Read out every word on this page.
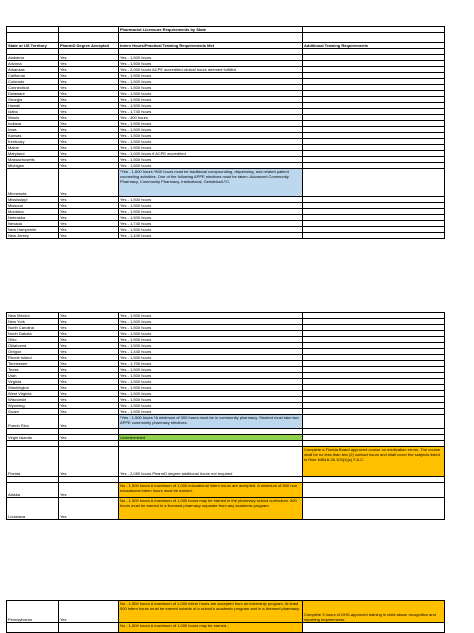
		Pharmacist Licensure Requirements by State	

State or US Territory	PharmD Degree Accepted	Intern Hours/Practical Training Requirements Met	Additional Training Requirements

Alabama	Yes	Yes - 1,500 hours	
Arizona	Yes	Yes - 1,500 hours	
Arkansas	Yes	Yes - 2,000 hours ACPE accredited clinical hours deemed fulfilled	
California	Yes	Yes - 1,500 hours	
Colorado	Yes	Yes - 1,500 hours	
Connecticut	Yes	Yes - 1,500 hours	
Delaware	Yes	Yes - 1,500 hours	
Georgia	Yes	Yes - 1,500 hours	
Hawaii	Yes	Yes - 1,500 hours	
Idaho	Yes	Yes - 1,740 hours	
Illinois	Yes	Yes - 400 hours	
Indiana	Yes	Yes - 1,500 hours	
Iowa	Yes	Yes - 1,500 hours	
Kansas	Yes	Yes - 1,500 hours	
Kentucky	Yes	Yes - 1,500 hours	
Maine	Yes	Yes - 1,500 hours	
Maryland	Yes	Yes - 1,000 hours if ACPE accredited	
Massachusetts	Yes	Yes - 1,500 hours	
Michigan	Yes	Yes - 1,600 hours	
Minnesota	Yes	*Yes - 1,600 hours *800 hours must be traditional compounding, dispensing, and related patient counseling activities. One of the following APPE electives must be taken: Advanced Community Pharmacy, Community Pharmacy, Institutional, Geriatrics/LTC.	
Mississippi	Yes	Yes - 1,500 hours	
Missouri	Yes	Yes - 1,500 hours	
Montana	Yes	Yes - 1,500 hours	
Nebraska	Yes	Yes - 1,500 hours	
Nevada	Yes	Yes - 1,740 hours	
New Hampshire	Yes	Yes - 1,500 hours	
New Jersey	Yes	Yes - 1,440 hours	
New Mexico	Yes	Yes - 1,500 hours	
New York	Yes	Yes - 1,500 hours	
North Carolina	Yes	Yes - 1,500 hours	
North Dakota	Yes	Yes - 1,500 hours	
Ohio	Yes	Yes - 1,500 hours	
Oklahoma	Yes	Yes - 1,500 hours	
Oregon	Yes	Yes - 1,440 hours	
Rhode Island	Yes	Yes - 1,500 hours	
Tennessee	Yes	Yes - 1,700 hours	
Texas	Yes	Yes - 1,500 hours	
Utah	Yes	Yes - 1,500 hours	
Virginia	Yes	Yes - 1,500 hours	
Washington	Yes	Yes - 1,500 hours	
West Virginia	Yes	Yes - 1,500 hours	
Wisconsin	Yes	Yes - 1,500 hours	
Wyoming	Yes	Yes - 1,500 hours	
Guam	Yes	Yes - 1,500 hours	
Puerto Rico	Yes	*Yes - 1,500 hours *A minimum of 300 hours must be in community pharmacy. Student must take two APPE community pharmacy electives.	

Virgin Islands	Yes	Undetermined	

Florida	Yes	Yes - 2,080 hours PharmD degree additional hours not required	Complete a Florida Board approved course on medication errors. The course shall be no less than two (2) contact hours and shall cover the subjects listed in Rule 64B16-26.103(1)(c) F.A.C.

Alaska	Yes	No - 1,500 hours A maximum of 1,000 educational intern hours are accepted. A minimum of 500 non educational intern hours must be earned.	
Louisiana	Yes	No - 1,500 hours A maximum of 1,000 hours may be earned in the pharmacy school curriculum. 500 hours must be earned in a licensed pharmacy separate from any academic program.	
Pennsylvania	Yes	No - 1,500 hours A maximum of 1,000 intern hours are accepted from an internship program. At least 500 intern hours must be earned outside of a school's academic program and in a licensed pharmacy.	Complete 3 hours of DHS-approved training in child abuse recognition and reporting requirements.
		No - 1,500 hours A maximum of 1,000 hours may be earned...	
